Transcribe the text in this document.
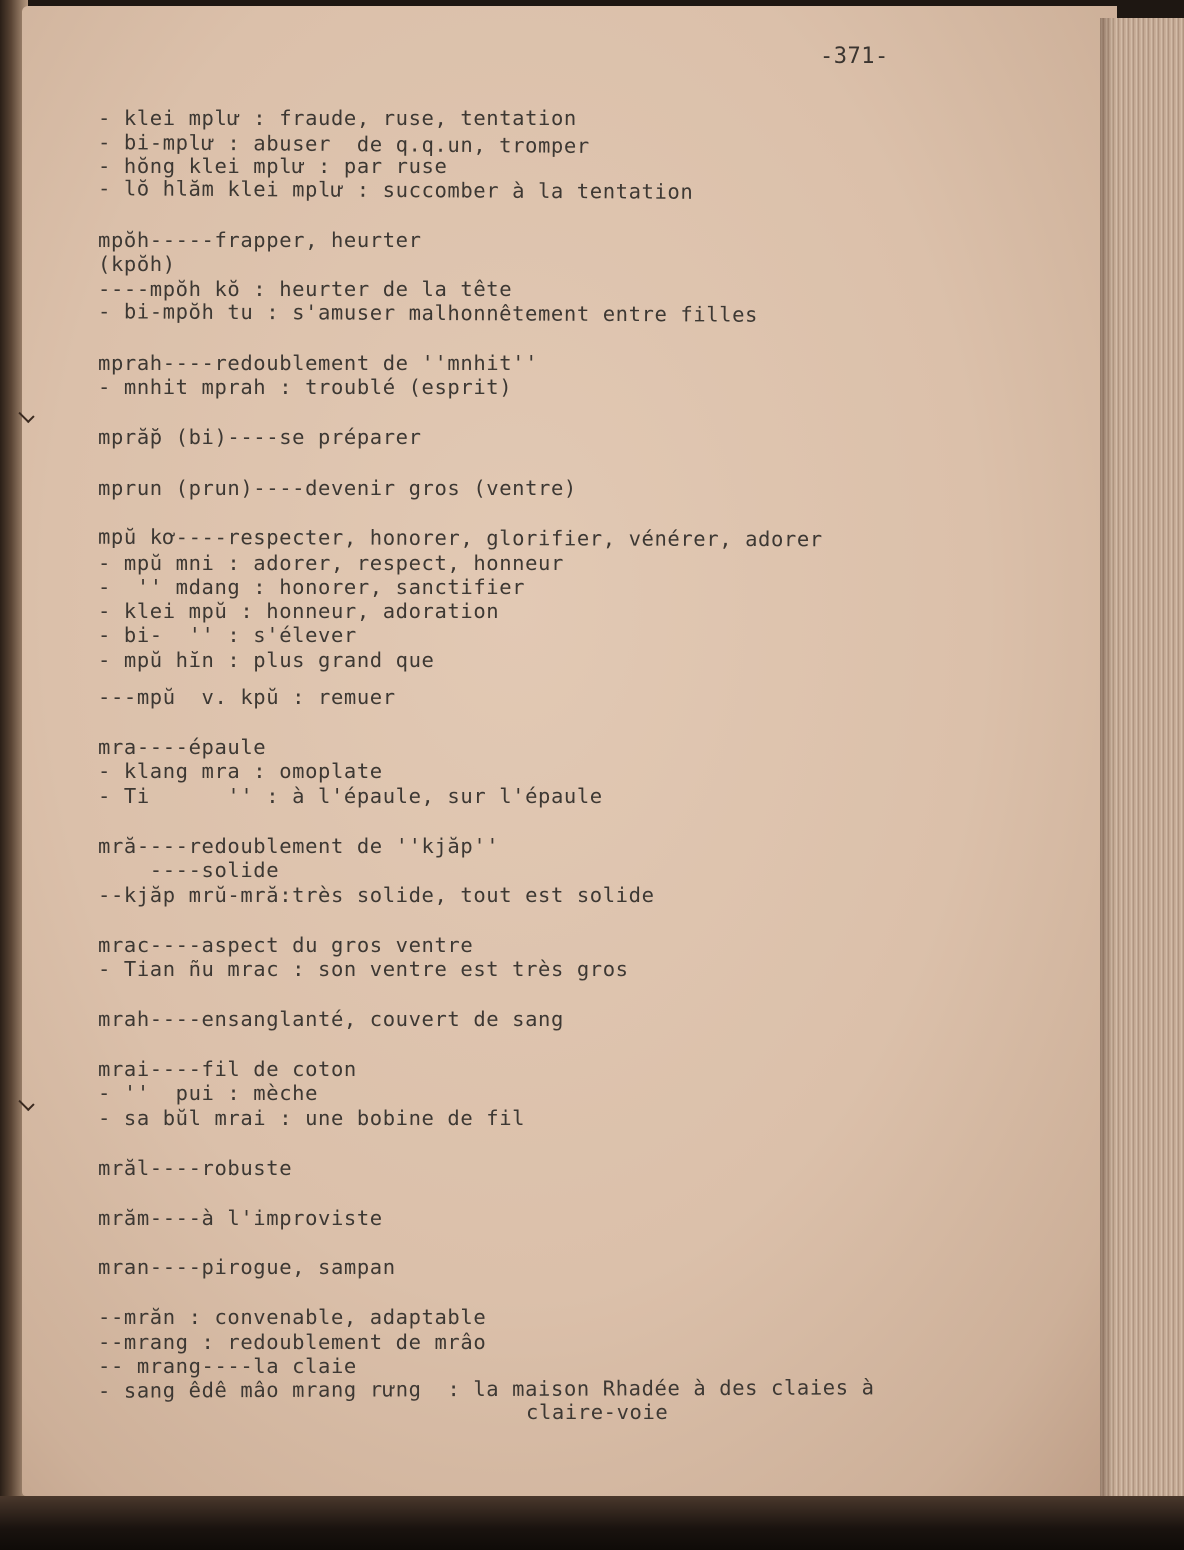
-371-
- klei mplư : fraude, ruse, tentation
- bi-mplư : abuser  de q.q.un, tromper
- hŏng klei mplư : par ruse
- lŏ hlăm klei mplư : succomber à la tentation
mpŏh-----frapper, heurter
(kpŏh)
----mpŏh kŏ : heurter de la tête
- bi-mpŏh tu : s'amuser malhonnêtement entre filles
mprah----redoublement de ''mnhit''
- mnhit mprah : troublé (esprit)
mpră̆p (bi)----se préparer
mprun (prun)----devenir gros (ventre)
mpŭ kơ----respecter, honorer, glorifier, vénérer, adorer
- mpŭ mni : adorer, respect, honneur
-  '' mdang : honorer, sanctifier
- klei mpŭ : honneur, adoration
- bi-  '' : s'élever
- mpŭ hĭn : plus grand que
---mpŭ  v. kpŭ : remuer
mra----épaule
- klang mra : omoplate
- Ti      '' : à l'épaule, sur l'épaule
mră----redoublement de ''kjăp''
----solide
--kjăp mrŭ-mră:très solide, tout est solide
mrac----aspect du gros ventre
- Tian ñu mrac : son ventre est très gros
mrah----ensanglanté, couvert de sang
mrai----fil de coton
- ''  pui : mèche
- sa bŭl mrai : une bobine de fil
mrăl----robuste
mrăm----à l'improviste
mran----pirogue, sampan
--mrăn : convenable, adaptable
--mrang : redoublement de mrâo
-- mrang----la claie
- sang êdê mâo mrang rưng  : la maison Rhadée à des claies à
claire-voie
